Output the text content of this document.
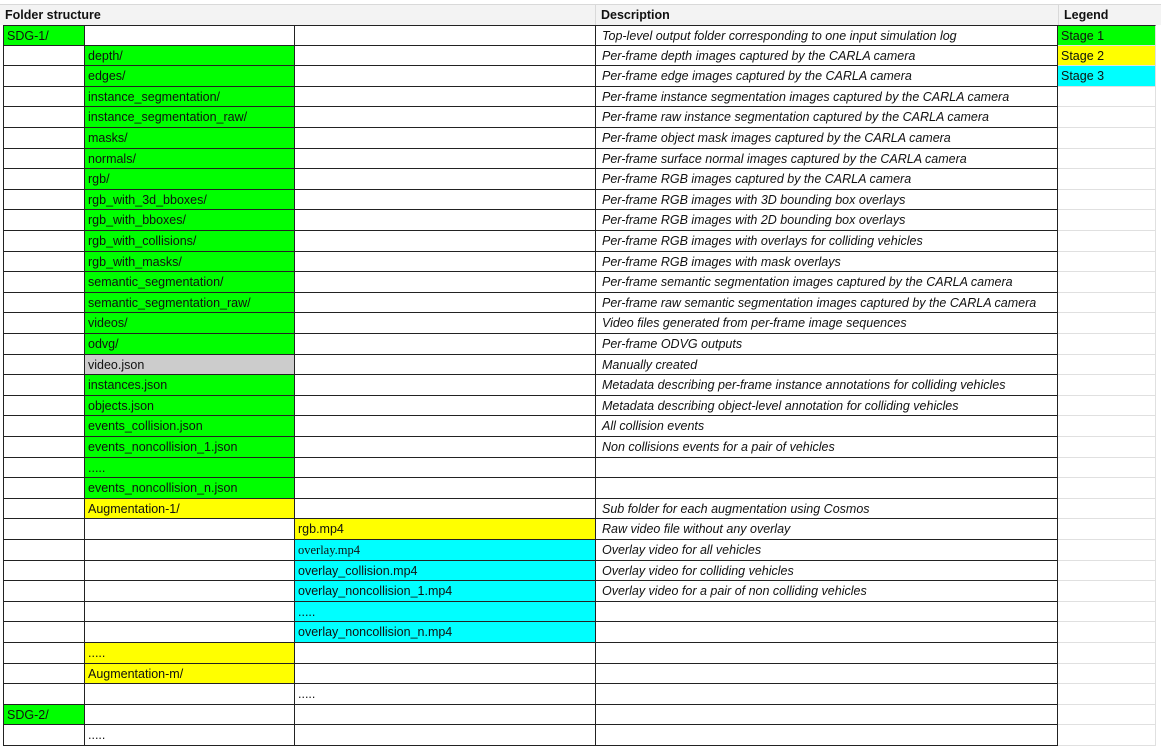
Folder structure	Description	Legend
SDG-1/	Top-level output folder corresponding to one input simulation log	Stage 1
depth/	Per-frame depth images captured by the CARLA camera	Stage 2
edges/	Per-frame edge images captured by the CARLA camera	Stage 3
instance_segmentation/	Per-frame instance segmentation images captured by the CARLA camera
instance_segmentation_raw/	Per-frame raw instance segmentation captured by the CARLA camera
masks/	Per-frame object mask images captured by the CARLA camera
normals/	Per-frame surface normal images captured by the CARLA camera
rgb/	Per-frame RGB images captured by the CARLA camera
rgb_with_3d_bboxes/	Per-frame RGB images with 3D bounding box overlays
rgb_with_bboxes/	Per-frame RGB images with 2D bounding box overlays
rgb_with_collisions/	Per-frame RGB images with overlays for colliding vehicles
rgb_with_masks/	Per-frame RGB images with mask overlays
semantic_segmentation/	Per-frame semantic segmentation images captured by the CARLA camera
semantic_segmentation_raw/	Per-frame raw semantic segmentation images captured by the CARLA camera
videos/	Video files generated from per-frame image sequences
odvg/	Per-frame ODVG outputs
video.json	Manually created
instances.json	Metadata describing per-frame instance annotations for colliding vehicles
objects.json	Metadata describing object-level annotation for colliding vehicles
events_collision.json	All collision events
events_noncollision_1.json	Non collisions events for a pair of vehicles
.....
events_noncollision_n.json
Augmentation-1/	Sub folder for each augmentation using Cosmos
rgb.mp4	Raw video file without any overlay
overlay.mp4	Overlay video for all vehicles
overlay_collision.mp4	Overlay video for colliding vehicles
overlay_noncollision_1.mp4	Overlay video for a pair of non colliding vehicles
.....
overlay_noncollision_n.mp4
.....
Augmentation-m/
.....
SDG-2/
.....
